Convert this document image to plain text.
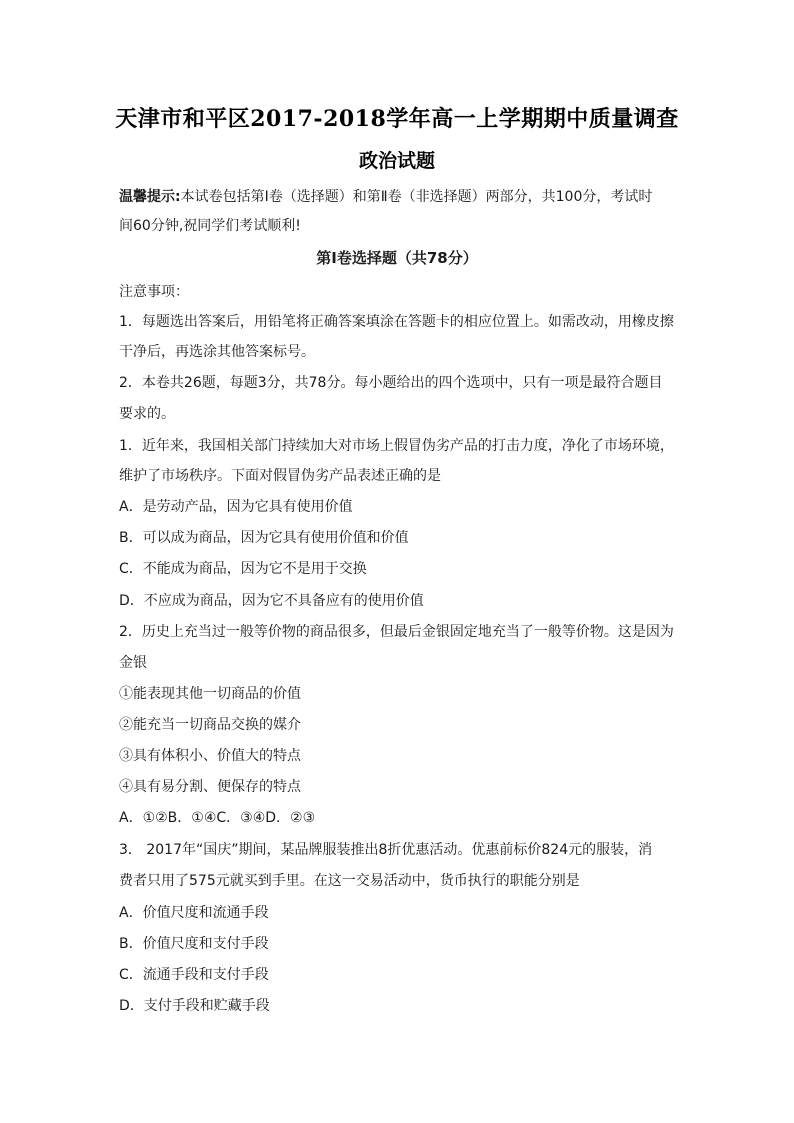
天津市和平区2017-2018学年高一上学期期中质量调查
政治试题
温馨提示:本试卷包括第Ⅰ卷（选择题）和第Ⅱ卷（非选择题）两部分，共100分，考试时
间60分钟,祝同学们考试顺利!
第Ⅰ卷选择题（共78分）
注意事项：
1．每题选出答案后，用铅笔将正确答案填涂在答题卡的相应位置上。如需改动，用橡皮擦
干净后，再选涂其他答案标号。
2．本卷共26题，每题3分，共78分。每小题给出的四个选项中，只有一项是最符合题目
要求的。
1．近年来，我国相关部门持续加大对市场上假冒伪劣产品的打击力度，净化了市场环境，
维护了市场秩序。下面对假冒伪劣产品表述正确的是
A．是劳动产品，因为它具有使用价值
B．可以成为商品，因为它具有使用价值和价值
C．不能成为商品，因为它不是用于交换
D．不应成为商品，因为它不具备应有的使用价值
2．历史上充当过一般等价物的商品很多，但最后金银固定地充当了一般等价物。这是因为
金银
①能表现其他一切商品的价值
②能充当一切商品交换的媒介
③具有体积小、价值大的特点
④具有易分割、便保存的特点
A．①②B．①④C．③④D．②③
3． 2017年“国庆”期间，某品牌服装推出8折优惠活动。优惠前标价824元的服装，消
费者只用了575元就买到手里。在这一交易活动中，货币执行的职能分别是
A．价值尺度和流通手段
B．价值尺度和支付手段
C．流通手段和支付手段
D．支付手段和贮藏手段
